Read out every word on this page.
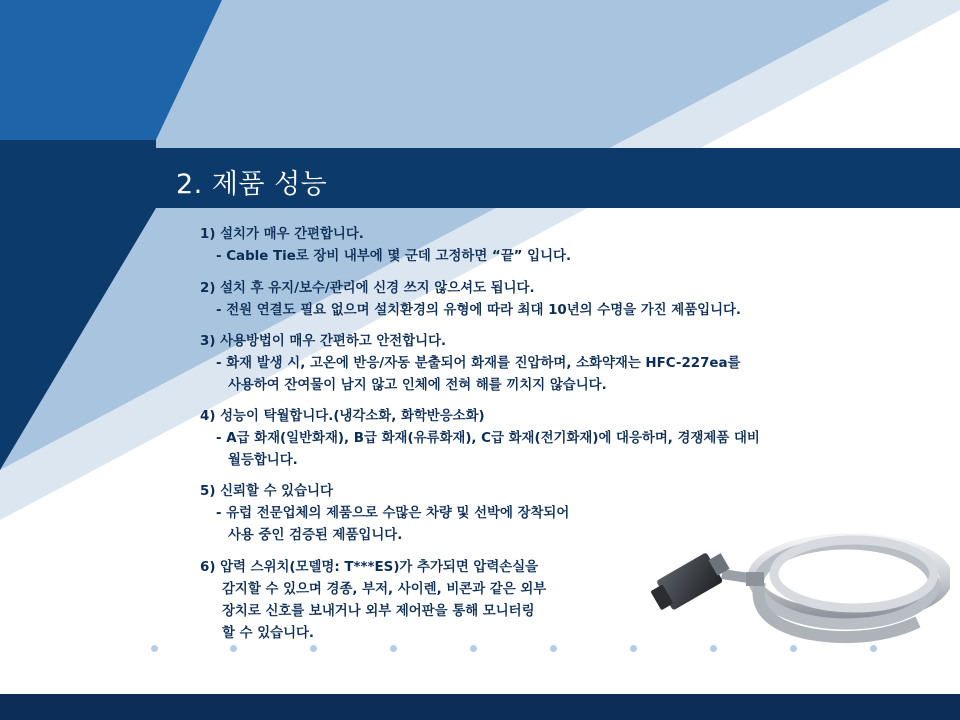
2. 제품 성능
1) 설치가 매우 간편합니다.
- Cable Tie로 장비 내부에 몇 군데 고정하면 “끝” 입니다.
2) 설치 후 유지/보수/관리에 신경 쓰지 않으셔도 됩니다.
- 전원 연결도 필요 없으며 설치환경의 유형에 따라 최대 10년의 수명을 가진 제품입니다.
3) 사용방법이 매우 간편하고 안전합니다.
- 화재 발생 시, 고온에 반응/자동 분출되어 화재를 진압하며, 소화약재는 HFC-227ea를
사용하여 잔여물이 남지 않고 인체에 전혀 해를 끼치지 않습니다.
4) 성능이 탁월합니다.(냉각소화, 화학반응소화)
- A급 화재(일반화재), B급 화재(유류화재), C급 화재(전기화재)에 대응하며, 경쟁제품 대비
월등합니다.
5) 신뢰할 수 있습니다
- 유럽 전문업체의 제품으로 수많은 차량 및 선박에 장착되어
사용 중인 검증된 제품입니다.
6) 압력 스위치(모델명: T***ES)가 추가되면 압력손실을
감지할 수 있으며 경종, 부저, 사이렌, 비콘과 같은 외부
장치로 신호를 보내거나 외부 제어판을 통해 모니터링
할 수 있습니다.
